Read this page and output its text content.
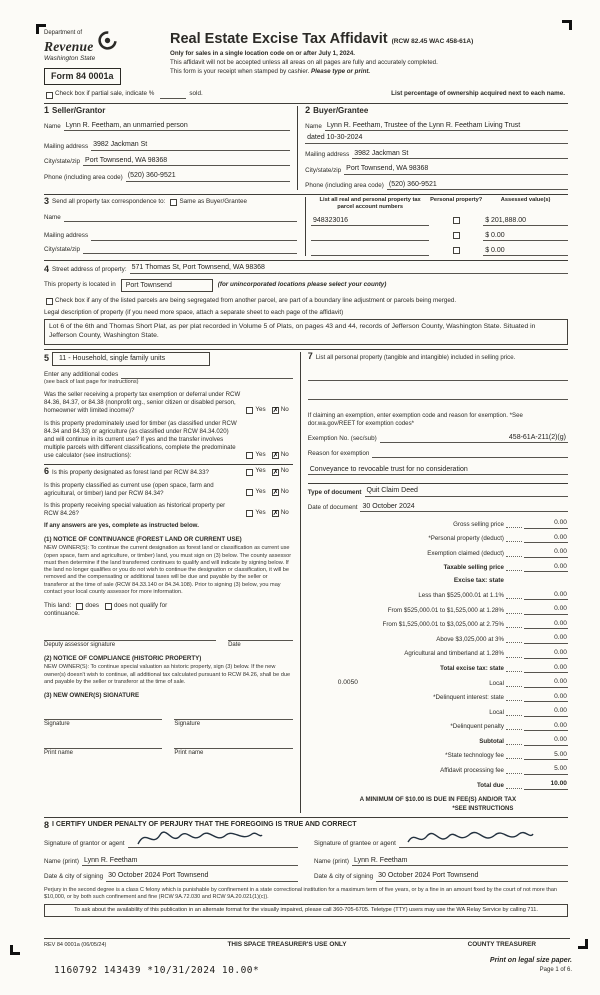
Department of
Revenue
Washington State
Form 84 0001a
Real Estate Excise Tax Affidavit (RCW 82.45 WAC 458-61A)
Only for sales in a single location code on or after July 1, 2024.
This affidavit will not be accepted unless all areas on all pages are fully and accurately completed.
This form is your receipt when stamped by cashier. Please type or print.
Check box if partial sale, indicate %	sold.	List percentage of ownership acquired next to each name.
1 Seller/Grantor
Name Lynn R. Feetham, an unmarried person
Mailing address 3982 Jackman St
City/state/zip Port Townsend, WA 98368
Phone (including area code) (520) 360-9521
2 Buyer/Grantee
Name Lynn R. Feetham, Trustee of the Lynn R. Feetham Living Trust
dated 10-30-2024
Mailing address 3982 Jackman St
City/state/zip Port Townsend, WA 98368
Phone (including area code) (520) 360-9521
3 Send all property tax correspondence to:	Same as Buyer/Grantee
Name
Mailing address
City/state/zip
List all real and personal property tax parcel account numbers
Personal property?	Assessed value(s)
948323016	$ 201,888.00
$ 0.00
$ 0.00
4 Street address of property: 571 Thomas St, Port Townsend, WA 98368
This property is located in	Port Townsend	(for unincorporated locations please select your county)
Check box if any of the listed parcels are being segregated from another parcel, are part of a boundary line adjustment or parcels being merged.
Legal description of property (if you need more space, attach a separate sheet to each page of the affidavit)
Lot 6 of the 6th and Thomas Short Plat, as per plat recorded in Volume 5 of Plats, on pages 43 and 44, records of Jefferson County, Washington State. Situated in Jefferson County, Washington State.
5	11 - Household, single family units
Enter any additional codes
(see back of last page for instructions)
Was the seller receiving a property tax exemption or deferral under RCW 84.36, 84.37, or 84.38 (nonprofit org., senior citizen or disabled person, homeowner with limited income)?	Yes	✗ No
Is this property predominately used for timber (as classified under RCW 84.34 and 84.33) or agriculture (as classified under RCW 84.34.020) and will continue in its current use? If yes and the transfer involves multiple parcels with different classifications, complete the predominate use calculator (see instructions):	Yes	✗ No
6 Is this property designated as forest land per RCW 84.33?	Yes	✗ No
Is this property classified as current use (open space, farm and agricultural, or timber) land per RCW 84.34?	Yes	✗ No
Is this property receiving special valuation as historical property per RCW 84.26?	Yes	✗ No
If any answers are yes, complete as instructed below.
(1) NOTICE OF CONTINUANCE (FOREST LAND OR CURRENT USE)
NEW OWNER(S): To continue the current designation as forest land or classification as current use (open space, farm and agriculture, or timber) land, you must sign on (3) below. The county assessor must then determine if the land transferred continues to qualify and will indicate by signing below. If the land no longer qualifies or you do not wish to continue the designation or classification, it will be removed and the compensating or additional taxes will be due and payable by the seller or transferor at the time of sale (RCW 84.33.140 or 84.34.108). Prior to signing (3) below, you may contact your local county assessor for more information.
This land:	does	does not qualify for
continuance.
Deputy assessor signature	Date
(2) NOTICE OF COMPLIANCE (HISTORIC PROPERTY)
NEW OWNER(S): To continue special valuation as historic property, sign (3) below. If the new owner(s) doesn't wish to continue, all additional tax calculated pursuant to RCW 84.26, shall be due and payable by the seller or transferor at the time of sale.
(3) NEW OWNER(S) SIGNATURE
Signature	Signature
Print name	Print name
7 List all personal property (tangible and intangible) included in selling price.
If claiming an exemption, enter exemption code and reason for exemption. *See dor.wa.gov/REET for exemption codes*
Exemption No. (sec/sub)	458-61A-211(2)(g)
Reason for exemption
Conveyance to revocable trust for no consideration
Type of document Quit Claim Deed
Date of document 30 October 2024
Gross selling price	0.00
*Personal property (deduct)	0.00
Exemption claimed (deduct)	0.00
Taxable selling price	0.00
Excise tax: state
Less than $525,000.01 at 1.1%	0.00
From $525,000.01 to $1,525,000 at 1.28%	0.00
From $1,525,000.01 to $3,025,000 at 2.75%	0.00
Above $3,025,000 at 3%	0.00
Agricultural and timberland at 1.28%	0.00
Total excise tax: state	0.00
0.0050	Local	0.00
*Delinquent interest: state	0.00
Local	0.00
*Delinquent penalty	0.00
Subtotal	0.00
*State technology fee	5.00
Affidavit processing fee	5.00
Total due	10.00
A MINIMUM OF $10.00 IS DUE IN FEE(S) AND/OR TAX
*SEE INSTRUCTIONS
8 I CERTIFY UNDER PENALTY OF PERJURY THAT THE FOREGOING IS TRUE AND CORRECT
Signature of grantor or agent
Name (print) Lynn R. Feetham
Date & city of signing 30 October 2024 Port Townsend
Signature of grantee or agent
Name (print) Lynn R. Feetham
Date & city of signing 30 October 2024 Port Townsend
Perjury in the second degree is a class C felony which is punishable by confinement in a state correctional institution for a maximum term of five years, or by a fine in an amount fixed by the court of not more than $10,000, or by both such confinement and fine (RCW 9A.72.030 and RCW 9A.20.021(1)(c)).
To ask about the availability of this publication in an alternate format for the visually impaired, please call 360-705-6705. Teletype (TTY) users may use the WA Relay Service by calling 711.
REV 84 0001a (06/05/24)	THIS SPACE TREASURER'S USE ONLY	COUNTY TREASURER
1160792 143439 *10/31/2024 10.00*
Print on legal size paper.
Page 1 of 6.
